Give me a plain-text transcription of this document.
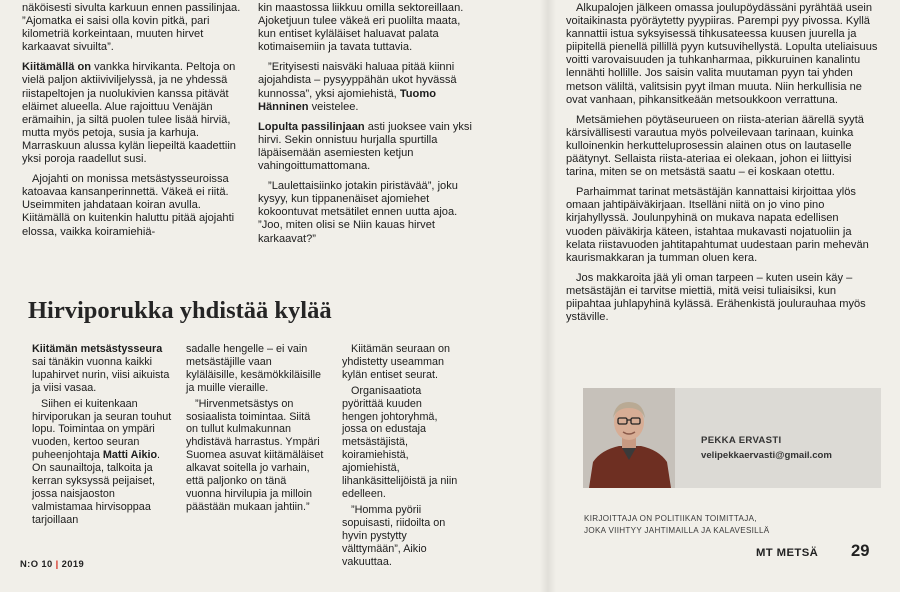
näköisesti sivulta karkuun ennen passilinjaa. ”Ajomatka ei saisi olla kovin pitkä, pari kilometriä korkeintaan, muuten hirvet karkaavat sivuilta”.

Kiitämällä on vankka hirvikanta. Peltoja on vielä paljon aktiiviviljelyssä, ja ne yhdessä riistapeltojen ja nuolukivien kanssa pitävät eläimet alueella. Alue rajoittuu Venäjän erämaihin, ja siltä puolen tulee lisää hirviä, mutta myös petoja, susia ja karhuja. Marraskuun alussa kylän liepeiltä kaadettiin yksi poroja raadellut susi.

Ajojahti on monissa metsästysseuroissa katoavaa kansanperinnettä. Väkeä ei riitä. Useimmiten jahdataan koiran avulla. Kiitämällä on kuitenkin haluttu pitää ajojahti elossa, vaikka koiramiehiä-

kin maastossa liikkuu omilla sektoreillaan. Ajoketjuun tulee väkeä eri puolilta maata, kun entiset kyläläiset haluavat palata kotimaisemiin ja tavata tuttavia.

”Erityisesti naisväki haluaa pitää kiinni ajojahdista – pysyyppähän ukot hyvässä kunnossa”, yksi ajomiehistä, Tuomo Hänninen veistelee.

Lopulta passilinjaan asti juoksee vain yksi hirvi. Sekin onnistuu hurjalla spurtilla läpäisemään asemiesten ketjun vahingoittumattomana.

”Laulettaisiinko jotakin piristävää”, joku kysyy, kun tippanenäiset ajomiehet kokoontuvat metsätilet ennen uutta ajoa. ”Joo, miten olisi se Niin kauas hirvet karkaavat?”

Alkupalojen jälkeen omassa joulupöydässäni pyrähtää usein voitaikinasta pyöräytetty pyypiiras. Parempi pyy pivossa. Kyllä kannattii istua syksyisessä tihkusateessa kuusen juurella ja piipitellä pienellä pillillä pyyn kutsuvihellystä. Lopulta uteliaisuus voitti varovaisuuden ja tuhkanharmaa, pikkuruinen kanalintu lennähti hollille. Jos saisin valita muutaman pyyn tai yhden metson väliltä, valitsisin pyyt ilman muuta. Niin herkullisia ne ovat vanhaan, pihkansitkeään metsoukkoon verrattuna.

Metsämiehen pöytäseurueen on riista-aterian äärellä syytä kärsivällisesti varautua myös polveilevaan tarinaan, kuinka kulloinenkin herkutteluprosessin alainen otus on lautaselle päätynyt. Sellaista riista-ateriaa ei olekaan, johon ei liittyisi tarina, miten se on metsästä saatu – ei koskaan otettu.

Parhaimmat tarinat metsästäjän kannattaisi kirjoittaa ylös omaan jahtipäiväkirjaan. Itselläni niitä on jo vino pino kirjahyllyssä. Joulunpyhinä on mukava napata edellisen vuoden päiväkirja käteen, istahtaa mukavasti nojatuoliin ja kelata riistavuoden jahtitapahtumat uudestaan parin mehevän kaurismakkaran ja tumman oluen kera.

Jos makkaroita jää yli oman tarpeen – kuten usein käy – metsästäjän ei tarvitse miettiä, mitä veisi tuliaisiksi, kun piipahtaa juhlapyhinä kylässä. Erähenkistä joulurauhaa myös ystäville.

Hirviporukka yhdistää kylää

Kiitämän metsästysseura sai tänäkin vuonna kaikki lupahirvet nurin, viisi aikuista ja viisi vasaa.

Siihen ei kuitenkaan hirviporukan ja seuran touhut lopu. Toimintaa on ympäri vuoden, kertoo seuran puheenjohtaja Matti Aikio. On saunailtoja, talkoita ja kerran syksyssä peijaiset, jossa naisjaoston valmistamaa hirvisoppaa tarjoillaan

sadalle hengelle – ei vain metsästäjille vaan kyläläisille, kesämökkiläisille ja muille vieraille.

”Hirvenmetsästys on sosiaalista toimintaa. Siitä on tullut kulmakunnan yhdistävä harrastus. Ympäri Suomea asuvat kiitämäläiset alkavat soitella jo varhain, että paljonko on tänä vuonna hirvilupia ja milloin päästään mukaan jahtiin.”

Kiitämän seuraan on yhdistetty useamman kylän entiset seurat.

Organisaatiota pyörittää kuuden hengen johtoryhmä, jossa on edustaja metsästäjistä, koiramiehistä, ajomiehistä, lihankäsittelijöistä ja niin edelleen.

”Homma pyörii sopuisasti, riidoilta on hyvin pystytty välttymään”, Aikio vakuuttaa.

PEKKA ERVASTI
velipekkaervasti@gmail.com
KIRJOITTAJA ON POLITIIKAN TOIMITTAJA,
JOKA VIIHTYY JAHTIMAILLA JA KALAVESILLÄ
N:O 10 | 2019
MT METSÄ 29
